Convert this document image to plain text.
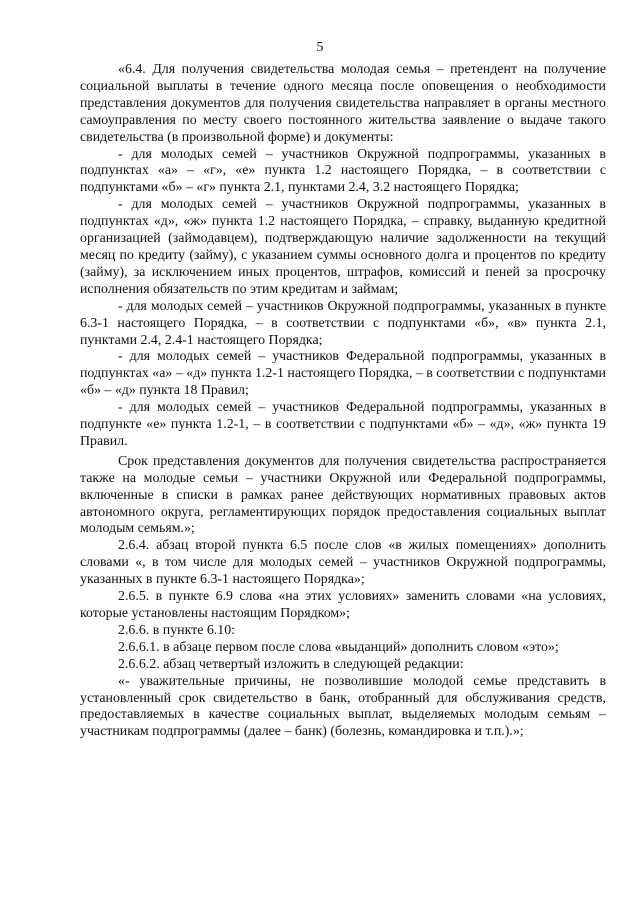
5

«6.4. Для получения свидетельства молодая семья – претендент на получение социальной выплаты в течение одного месяца после оповещения о необходимости представления документов для получения свидетельства направляет в органы местного самоуправления по месту своего постоянного жительства заявление о выдаче такого свидетельства (в произвольной форме) и документы:

- для молодых семей – участников Окружной подпрограммы, указанных в подпунктах «а» – «г», «е» пункта 1.2 настоящего Порядка, – в соответствии с подпунктами «б» – «г» пункта 2.1, пунктами 2.4, 3.2 настоящего Порядка;

- для молодых семей – участников Окружной подпрограммы, указанных в подпунктах «д», «ж» пункта 1.2 настоящего Порядка, – справку, выданную кредитной организацией (займодавцем), подтверждающую наличие задолженности на текущий месяц по кредиту (займу), с указанием суммы основного долга и процентов по кредиту (займу), за исключением иных процентов, штрафов, комиссий и пеней за просрочку исполнения обязательств по этим кредитам и займам;

- для молодых семей – участников Окружной подпрограммы, указанных в пункте 6.3-1 настоящего Порядка, – в соответствии с подпунктами «б», «в» пункта 2.1, пунктами 2.4, 2.4-1 настоящего Порядка;

- для молодых семей – участников Федеральной подпрограммы, указанных в подпунктах «а» – «д» пункта 1.2-1 настоящего Порядка, – в соответствии с подпунктами «б» – «д» пункта 18 Правил;

- для молодых семей – участников Федеральной подпрограммы, указанных в подпункте «е» пункта 1.2-1, – в соответствии с подпунктами «б» – «д», «ж» пункта 19 Правил.

Срок представления документов для получения свидетельства распространяется также на молодые семьи – участники Окружной или Федеральной подпрограммы, включенные в списки в рамках ранее действующих нормативных правовых актов автономного округа, регламентирующих порядок предоставления социальных выплат молодым семьям.»;

2.6.4. абзац второй пункта 6.5 после слов «в жилых помещениях» дополнить словами «, в том числе для молодых семей – участников Окружной подпрограммы, указанных в пункте 6.3-1 настоящего Порядка»;

2.6.5. в пункте 6.9 слова «на этих условиях» заменить словами «на условиях, которые установлены настоящим Порядком»;

2.6.6. в пункте 6.10:

2.6.6.1. в абзаце первом после слова «выданций» дополнить словом «это»;

2.6.6.2. абзац четвертый изложить в следующей редакции:

«- уважительные причины, не позволившие молодой семье представить в установленный срок свидетельство в банк, отобранный для обслуживания средств, предоставляемых в качестве социальных выплат, выделяемых молодым семьям – участникам подпрограммы (далее – банк) (болезнь, командировка и т.п.).»;
